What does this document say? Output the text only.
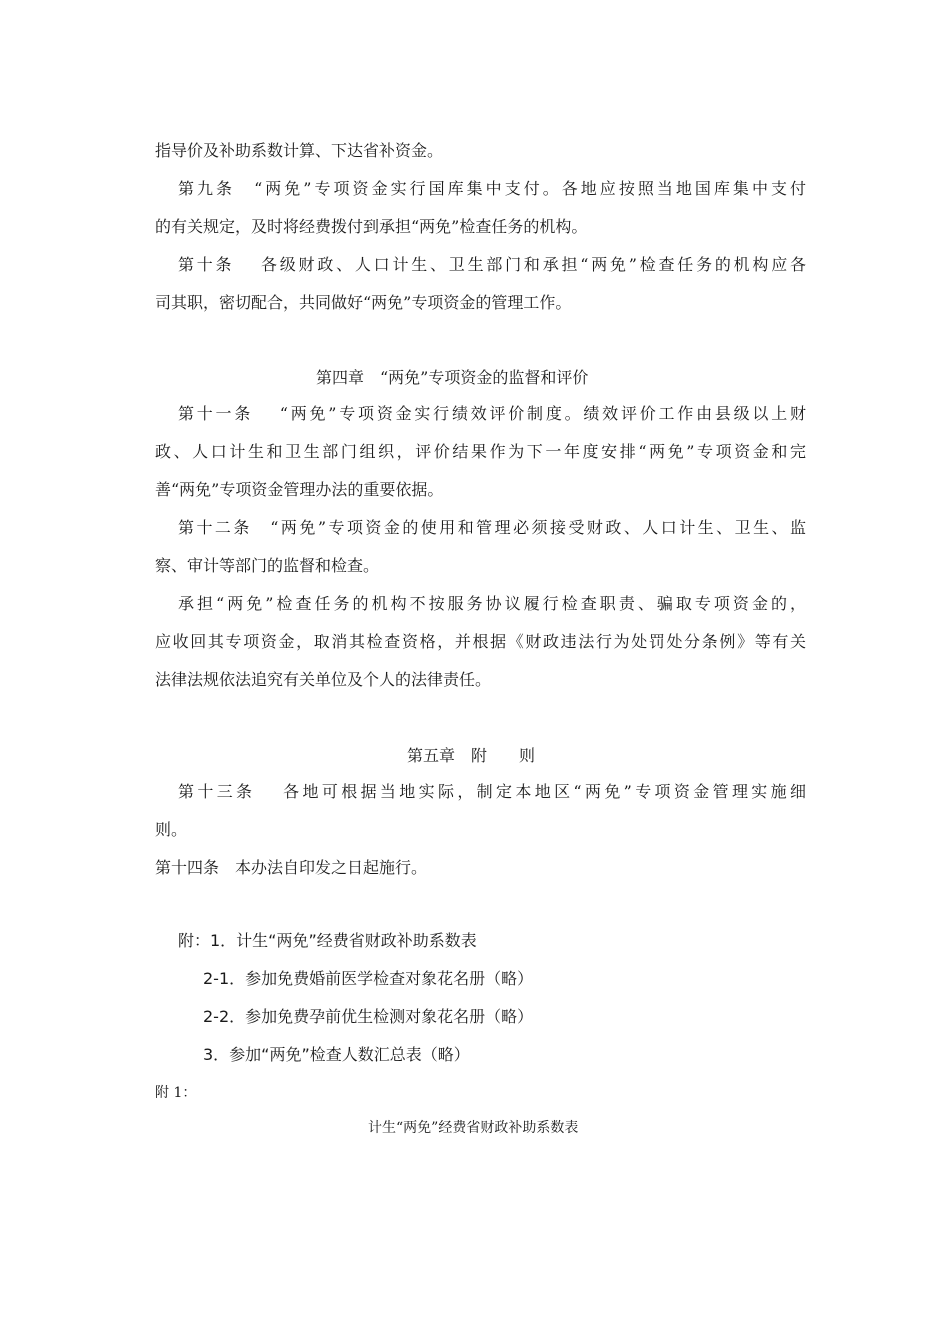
指导价及补助系数计算、下达省补资金。
第九条　“两免”专项资金实行国库集中支付。各地应按照当地国库集中支付
的有关规定，及时将经费拨付到承担“两免”检查任务的机构。
第十条　 各级财政、人口计生、卫生部门和承担“两免”检查任务的机构应各
司其职，密切配合，共同做好“两免”专项资金的管理工作。
第四章　“两免”专项资金的监督和评价
第十一条　 “两免”专项资金实行绩效评价制度。绩效评价工作由县级以上财
政、人口计生和卫生部门组织，评价结果作为下一年度安排“两免”专项资金和完
善“两免”专项资金管理办法的重要依据。
第十二条　“两免”专项资金的使用和管理必须接受财政、人口计生、卫生、监
察、审计等部门的监督和检查。
承担“两免”检查任务的机构不按服务协议履行检查职责、骗取专项资金的，
应收回其专项资金，取消其检查资格，并根据《财政违法行为处罚处分条例》等有关
法律法规依法追究有关单位及个人的法律责任。
第五章　附　　则
第十三条　 各地可根据当地实际，制定本地区“两免”专项资金管理实施细
则。
第十四条　本办法自印发之日起施行。
附：1．计生“两免”经费省财政补助系数表
2-1．参加免费婚前医学检查对象花名册（略）
2-2．参加免费孕前优生检测对象花名册（略）
3．参加“两免”检查人数汇总表（略）
附 1：
计生“两免”经费省财政补助系数表
